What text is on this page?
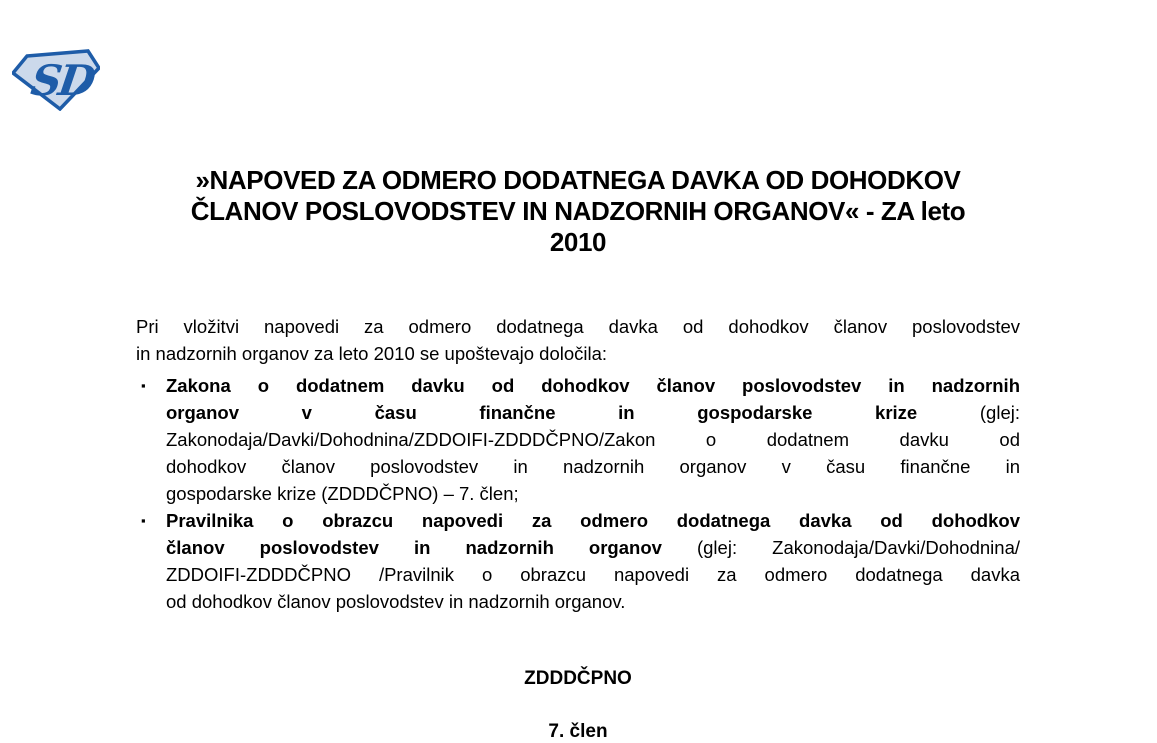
SD
»NAPOVED ZA ODMERO DODATNEGA DAVKA OD DOHODKOV
ČLANOV POSLOVODSTEV IN NADZORNIH ORGANOV« - ZA leto
2010
Pri vložitvi napovedi za odmero dodatnega davka od dohodkov članov poslovodstev
in nadzornih organov za leto 2010 se upoštevajo določila:
▪	Zakona o dodatnem davku od dohodkov članov poslovodstev in nadzornih
organov v času finančne in gospodarske krize (glej:
Zakonodaja/Davki/Dohodnina/ZDDOIFI-ZDDDČPNO/Zakon o dodatnem davku od
dohodkov članov poslovodstev in nadzornih organov v času finančne in
gospodarske krize (ZDDDČPNO) – 7. člen;
▪	Pravilnika o obrazcu napovedi za odmero dodatnega davka od dohodkov
članov poslovodstev in nadzornih organov (glej: Zakonodaja/Davki/Dohodnina/
ZDDOIFI-ZDDDČPNO /Pravilnik o obrazcu napovedi za odmero dodatnega davka
od dohodkov članov poslovodstev in nadzornih organov.
ZDDDČPNO
7. člen
